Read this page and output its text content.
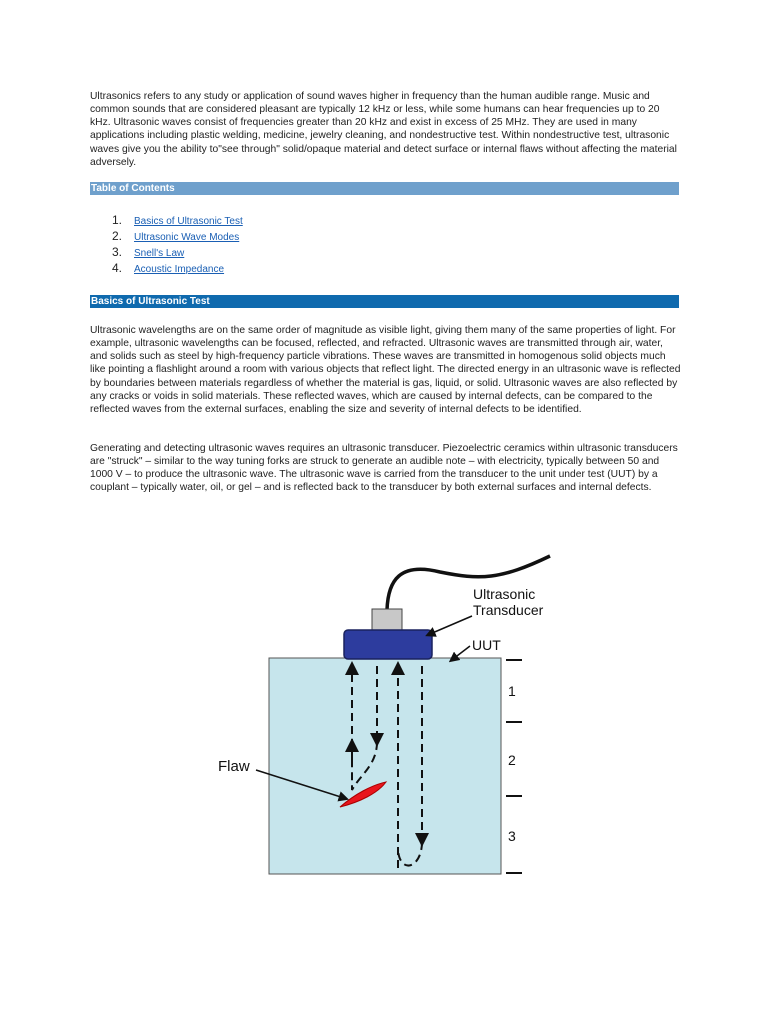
Ultrasonics refers to any study or application of sound waves higher in frequency than the human audible range. Music and common sounds that are considered pleasant are typically 12 kHz or less, while some humans can hear frequencies up to 20 kHz. Ultrasonic waves consist of frequencies greater than 20 kHz and exist in excess of 25 MHz. They are used in many applications including plastic welding, medicine, jewelry cleaning, and nondestructive test. Within nondestructive test, ultrasonic waves give you the ability to"see through" solid/opaque material and detect surface or internal flaws without affecting the material adversely.

Table of Contents
1. Basics of Ultrasonic Test
2. Ultrasonic Wave Modes
3. Snell's Law
4. Acoustic Impedance
Basics of Ultrasonic Test

Ultrasonic wavelengths are on the same order of magnitude as visible light, giving them many of the same properties of light. For example, ultrasonic wavelengths can be focused, reflected, and refracted. Ultrasonic waves are transmitted through air, water, and solids such as steel by high-frequency particle vibrations. These waves are transmitted in homogenous solid objects much like pointing a flashlight around a room with various objects that reflect light. The directed energy in an ultrasonic wave is reflected by boundaries between materials regardless of whether the material is gas, liquid, or solid. Ultrasonic waves are also reflected by any cracks or voids in solid materials. These reflected waves, which are caused by internal defects, can be compared to the reflected waves from the external surfaces, enabling the size and severity of internal defects to be identified.

Generating and detecting ultrasonic waves requires an ultrasonic transducer. Piezoelectric ceramics within ultrasonic transducers are "struck" – similar to the way tuning forks are struck to generate an audible note – with electricity, typically between 50 and 1000 V – to produce the ultrasonic wave. The ultrasonic wave is carried from the transducer to the unit under test (UUT) by a couplant – typically water, oil, or gel – and is reflected back to the transducer by both external surfaces and internal defects.

Ultrasonic
Transducer
UUT
Flaw
1
2
3
